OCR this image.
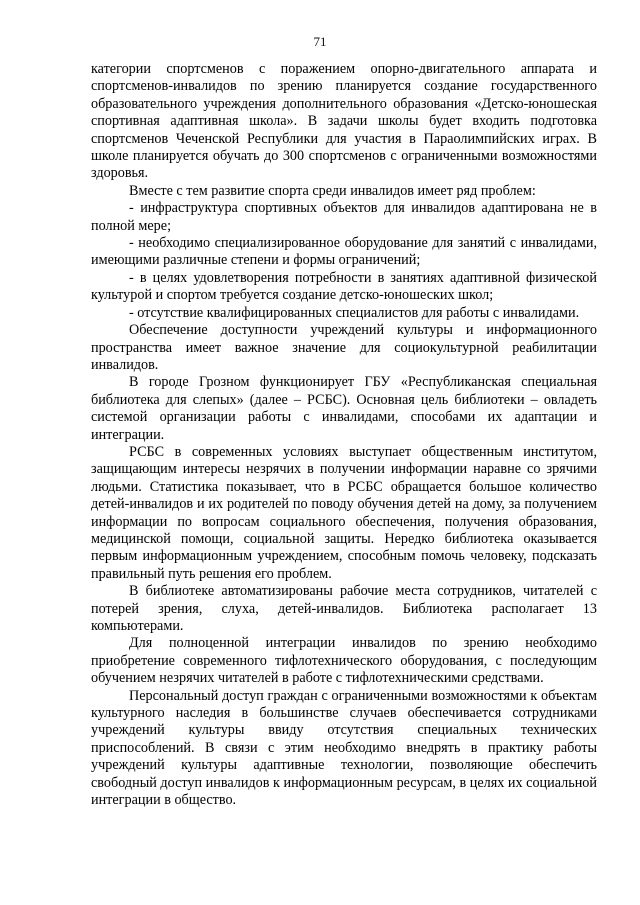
71

категории спортсменов с поражением опорно-двигательного аппарата и спортсменов-инвалидов по зрению планируется создание государственного образовательного учреждения дополнительного образования «Детско-юношеская спортивная адаптивная школа». В задачи школы будет входить подготовка спортсменов Чеченской Республики для участия в Параолимпийских играх. В школе планируется обучать до 300 спортсменов с ограниченными возможностями здоровья.

Вместе с тем развитие спорта среди инвалидов имеет ряд проблем:

- инфраструктура спортивных объектов для инвалидов адаптирована не в полной мере;

- необходимо специализированное оборудование для занятий с инвалидами, имеющими различные степени и формы ограничений;

- в целях удовлетворения потребности в занятиях адаптивной физической культурой и спортом требуется создание детско-юношеских школ;

- отсутствие квалифицированных специалистов для работы с инвалидами.

Обеспечение доступности учреждений культуры и информационного пространства имеет важное значение для социокультурной реабилитации инвалидов.

В городе Грозном функционирует ГБУ «Республиканская специальная библиотека для слепых» (далее – РСБС). Основная цель библиотеки – овладеть системой организации работы с инвалидами, способами их адаптации и интеграции.

РСБС в современных условиях выступает общественным институтом, защищающим интересы незрячих в получении информации наравне со зрячими людьми. Статистика показывает, что в РСБС обращается большое количество детей-инвалидов и их родителей по поводу обучения детей на дому, за получением информации по вопросам социального обеспечения, получения образования, медицинской помощи, социальной защиты. Нередко библиотека оказывается первым информационным учреждением, способным помочь человеку, подсказать правильный путь решения его проблем.

В библиотеке автоматизированы рабочие места сотрудников, читателей с потерей зрения, слуха, детей-инвалидов. Библиотека располагает 13 компьютерами.

Для полноценной интеграции инвалидов по зрению необходимо приобретение современного тифлотехнического оборудования, с последующим обучением незрячих читателей в работе с тифлотехническими средствами.

Персональный доступ граждан с ограниченными возможностями к объектам культурного наследия в большинстве случаев обеспечивается сотрудниками учреждений культуры ввиду отсутствия специальных технических приспособлений. В связи с этим необходимо внедрять в практику работы учреждений культуры адаптивные технологии, позволяющие обеспечить свободный доступ инвалидов к информационным ресурсам, в целях их социальной интеграции в общество.
